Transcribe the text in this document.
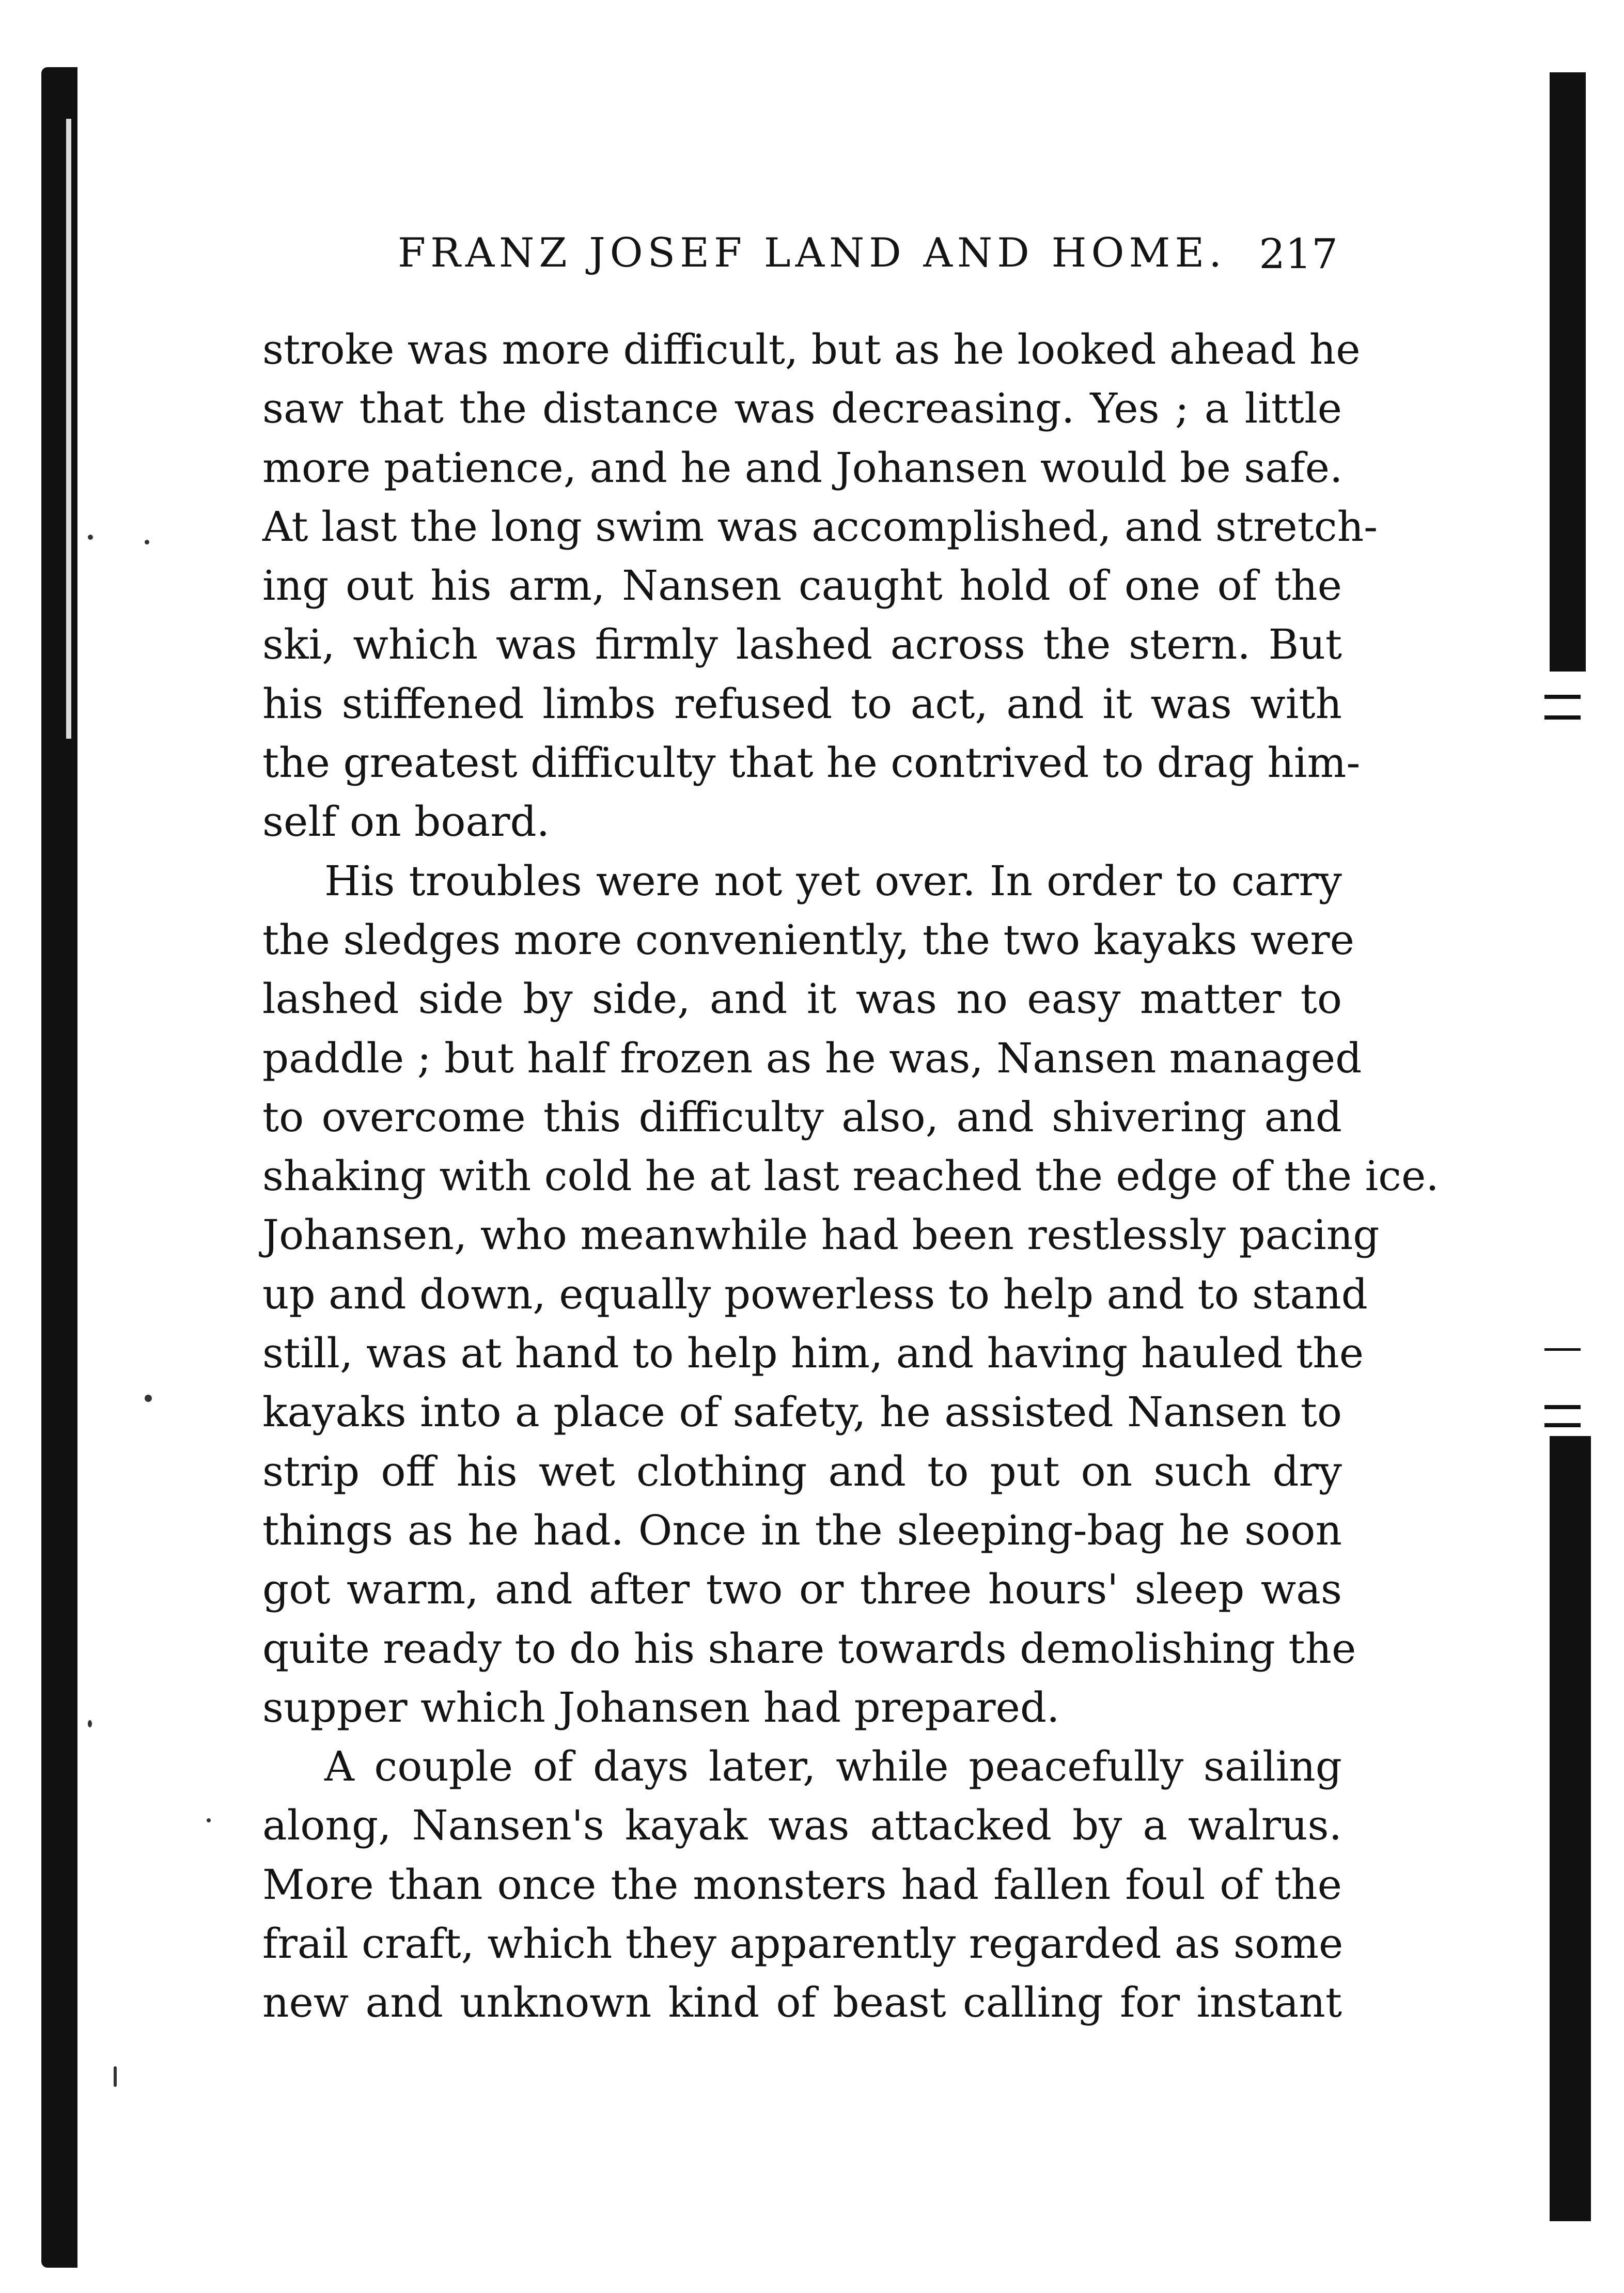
FRANZ JOSEF LAND AND HOME. 217

stroke was more difficult, but as he looked ahead he
saw that the distance was decreasing. Yes ; a little
more patience, and he and Johansen would be safe.
At last the long swim was accomplished, and stretch-
ing out his arm, Nansen caught hold of one of the
ski, which was firmly lashed across the stern. But
his stiffened limbs refused to act, and it was with
the greatest difficulty that he contrived to drag him-
self on board.

His troubles were not yet over. In order to carry
the sledges more conveniently, the two kayaks were
lashed side by side, and it was no easy matter to
paddle ; but half frozen as he was, Nansen managed
to overcome this difficulty also, and shivering and
shaking with cold he at last reached the edge of the ice.
Johansen, who meanwhile had been restlessly pacing
up and down, equally powerless to help and to stand
still, was at hand to help him, and having hauled the
kayaks into a place of safety, he assisted Nansen to
strip off his wet clothing and to put on such dry
things as he had. Once in the sleeping-bag he soon
got warm, and after two or three hours' sleep was
quite ready to do his share towards demolishing the
supper which Johansen had prepared.

A couple of days later, while peacefully sailing
along, Nansen's kayak was attacked by a walrus.
More than once the monsters had fallen foul of the
frail craft, which they apparently regarded as some
new and unknown kind of beast calling for instant
